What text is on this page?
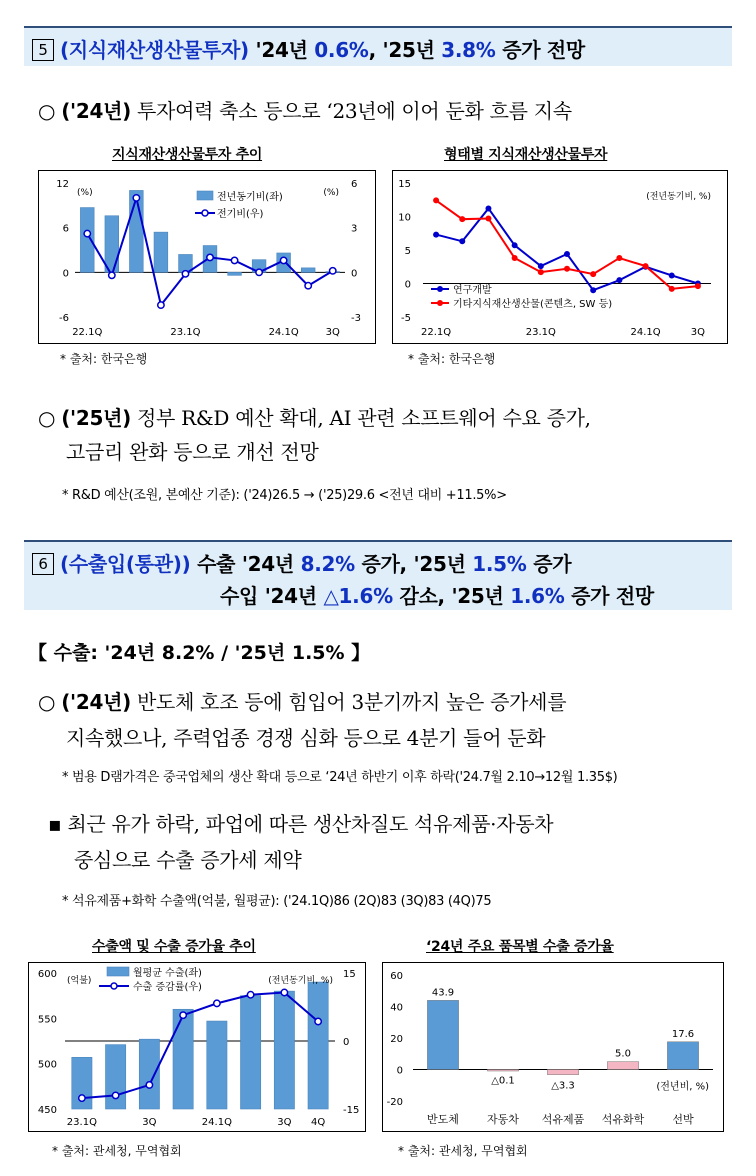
5 (지식재산생산물투자) '24년 0.6%, '25년 3.8% 증가 전망
○ ('24년) 투자여력 축소 등으로 ‘23년에 이어 둔화 흐름 지속
지식재산생산물투자 추이	형태별 지식재산생산물투자
12
6
0
-6
6
3
0
-3
(%)	(%)
22.1Q	23.1Q	24.1Q	3Q
전년동기비(좌)
전기비(우)
15
10
5
0
-5
(전년동기비, %)
22.1Q	23.1Q	24.1Q	3Q
연구개발
기타지식재산생산물(콘텐츠, SW 등)
* 출처: 한국은행	* 출처: 한국은행
○ ('25년) 정부 R&D 예산 확대, AI 관련 소프트웨어 수요 증가,
고금리 완화 등으로 개선 전망
* R&D 예산(조원, 본예산 기준): ('24)26.5 → ('25)29.6 <전년 대비 +11.5%>
6 (수출입(통관)) 수출 '24년 8.2% 증가, '25년 1.5% 증가
수입 '24년 △1.6% 감소, '25년 1.6% 증가 전망
【 수출: '24년 8.2% / '25년 1.5% 】
○ ('24년) 반도체 호조 등에 힘입어 3분기까지 높은 증가세를
지속했으나, 주력업종 경쟁 심화 등으로 4분기 들어 둔화
* 범용 D램가격은 중국업체의 생산 확대 등으로 ‘24년 하반기 이후 하락('24.7월 2.10→12월 1.35$)
▪ 최근 유가 하락, 파업에 따른 생산차질도 석유제품·자동차
중심으로 수출 증가세 제약
* 석유제품+화학 수출액(억불, 월평균): ('24.1Q)86 (2Q)83 (3Q)83 (4Q)75
수출액 및 수출 증가율 추이	‘24년 주요 품목별 수출 증가율
600
550
500
450
15
0
-15
23.1Q	3Q	24.1Q	3Q 4Q
(억불)	(전년동기비, %)
월평균 수출(좌)
수출 증감률(우)
60
40
20
0
-20
43.9
반도체
△0.1
자동차
△3.3
석유제품
5.0
석유화학
17.6
선박
(전년비, %)
* 출처: 관세청, 무역협회	* 출처: 관세청, 무역협회
